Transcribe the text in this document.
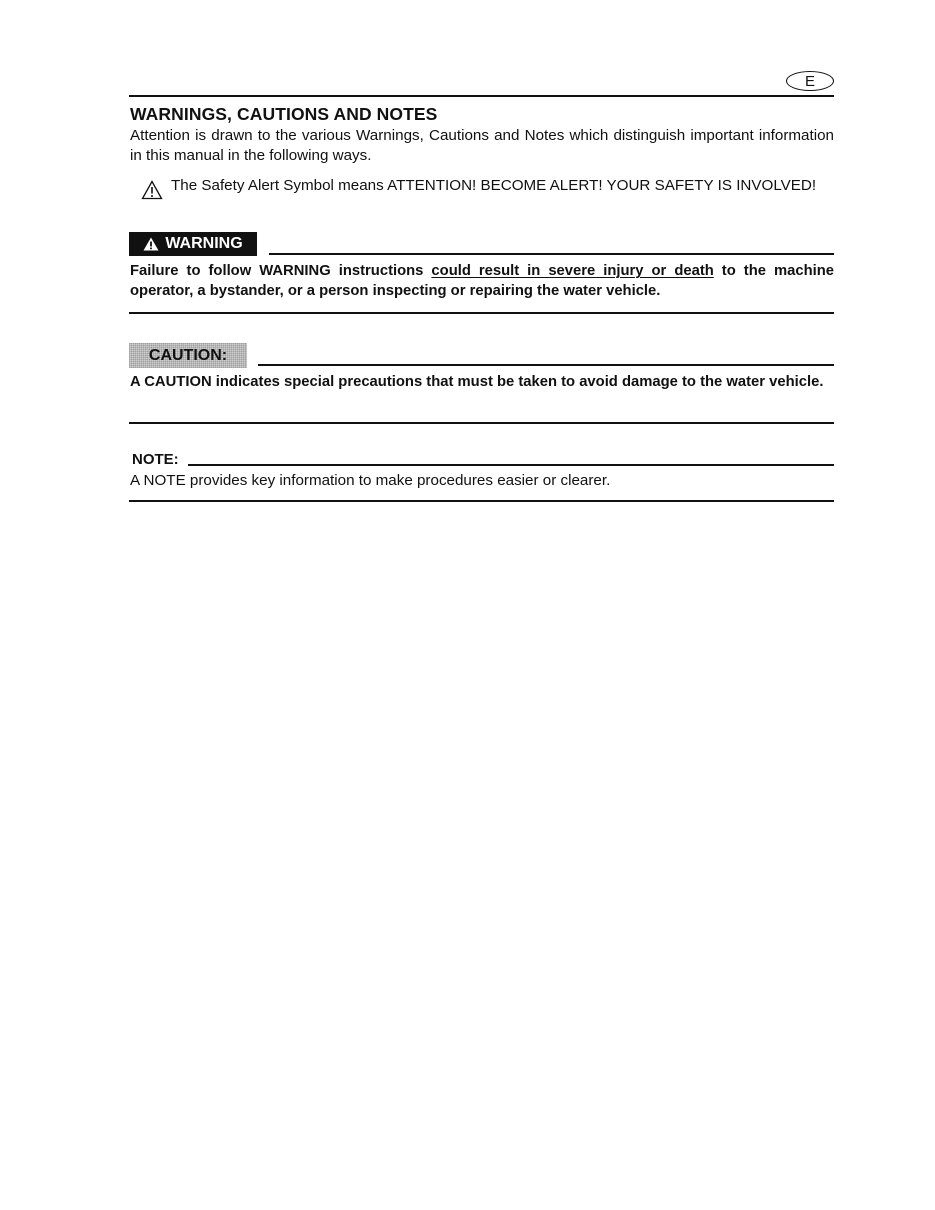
E
WARNINGS, CAUTIONS AND NOTES
Attention is drawn to the various Warnings, Cautions and Notes which distinguish important information in this manual in the following ways.
The Safety Alert Symbol means ATTENTION! BECOME ALERT! YOUR SAFETY IS INVOLVED!
WARNING
Failure to follow WARNING instructions could result in severe injury or death to the machine operator, a bystander, or a person inspecting or repairing the water vehicle.
CAUTION:
A CAUTION indicates special precautions that must be taken to avoid damage to the water vehicle.
NOTE:
A NOTE provides key information to make procedures easier or clearer.
